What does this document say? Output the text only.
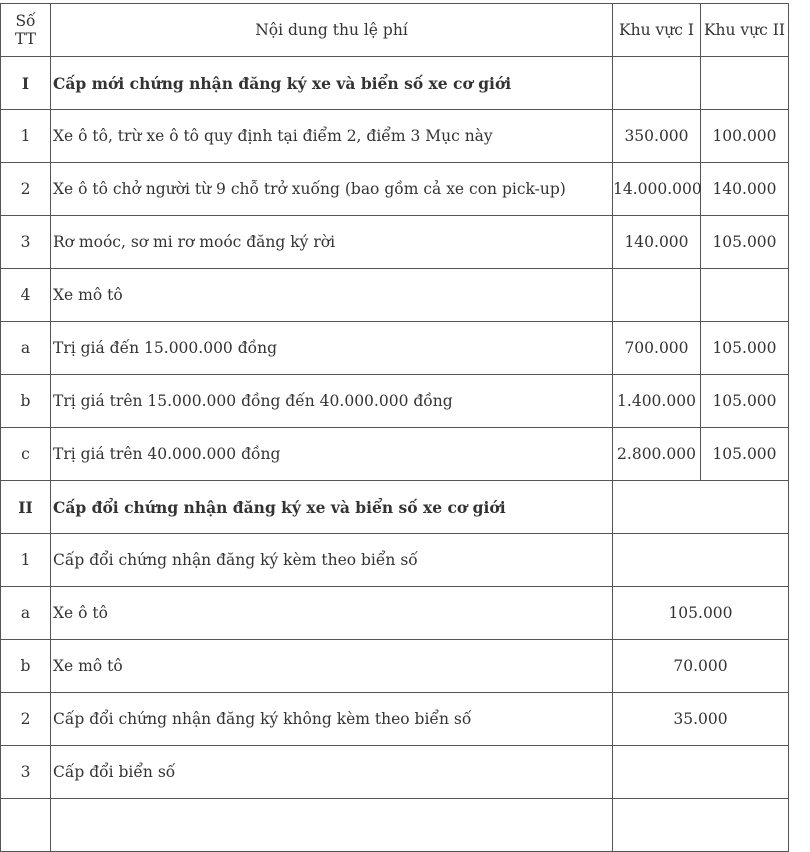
Số TT	Nội dung thu lệ phí	Khu vực I	Khu vực II
I	Cấp mới chứng nhận đăng ký xe và biển số xe cơ giới		
1	Xe ô tô, trừ xe ô tô quy định tại điểm 2, điểm 3 Mục này	350.000	100.000
2	Xe ô tô chở người từ 9 chỗ trở xuống (bao gồm cả xe con pick-up)	14.000.000	140.000
3	Rơ moóc, sơ mi rơ moóc đăng ký rời	140.000	105.000
4	Xe mô tô		
a	Trị giá đến 15.000.000 đồng	700.000	105.000
b	Trị giá trên 15.000.000 đồng đến 40.000.000 đồng	1.400.000	105.000
c	Trị giá trên 40.000.000 đồng	2.800.000	105.000
II	Cấp đổi chứng nhận đăng ký xe và biển số xe cơ giới		
1	Cấp đổi chứng nhận đăng ký kèm theo biển số		
a	Xe ô tô	105.000	
b	Xe mô tô	70.000	
2	Cấp đổi chứng nhận đăng ký không kèm theo biển số	35.000	
3	Cấp đổi biển số		
